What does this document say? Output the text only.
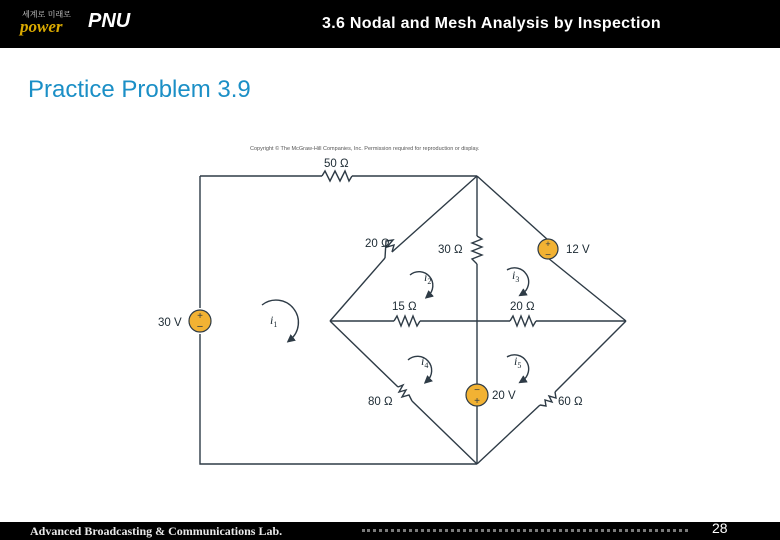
세계로 미래로
power PNU	3.6 Nodal and Mesh Analysis by Inspection
Practice Problem 3.9
Copyright © The McGraw-Hill Companies, Inc. Permission required for reproduction or display.
+
−
+
−
−
+
50 Ω
20 Ω	30 Ω
15 Ω	20 Ω
80 Ω	60 Ω
30 V
12 V
20 V
$i_1$
$i_2$	$i_3$
$i_4$	$i_5$
Advanced Broadcasting & Communications Lab.	28
